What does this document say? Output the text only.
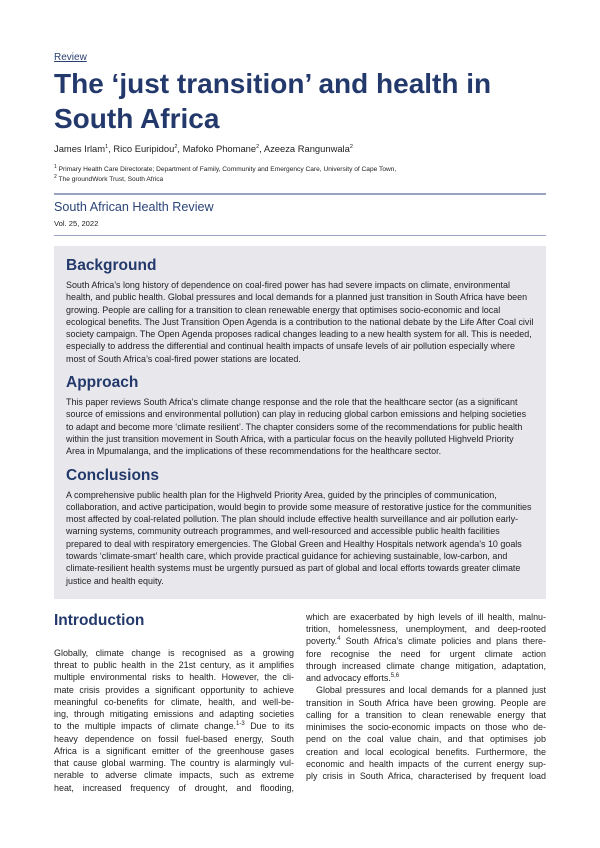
Review
The ‘just transition’ and health in South Africa
James Irlam$^1$, Rico Euripidou$^2$, Mafoko Phomane$^2$, Azeeza Rangunwala$^2$
$^1$ Primary Health Care Directorate; Department of Family, Community and Emergency Care, University of Cape Town,
$^2$ The groundWork Trust, South Africa
South African Health Review
Vol. 25, 2022
Background

South Africa’s long history of dependence on coal-fired power has had severe impacts on climate, environmental health, and public health. Global pressures and local demands for a planned just transition in South Africa have been growing. People are calling for a transition to clean renewable energy that optimises socio-economic and local ecological benefits. The Just Transition Open Agenda is a contribution to the national debate by the Life After Coal civil society campaign. The Open Agenda proposes radical changes leading to a new health system for all. This is needed, especially to address the differential and continual health impacts of unsafe levels of air pollution especially where most of South Africa’s coal-fired power stations are located.

Approach

This paper reviews South Africa’s climate change response and the role that the healthcare sector (as a significant source of emissions and environmental pollution) can play in reducing global carbon emissions and helping societies to adapt and become more ‘climate resilient’. The chapter considers some of the recommendations for public health within the just transition movement in South Africa, with a particular focus on the heavily polluted Highveld Priority Area in Mpumalanga, and the implications of these recommendations for the healthcare sector.

Conclusions

A comprehensive public health plan for the Highveld Priority Area, guided by the principles of communication, collaboration, and active participation, would begin to provide some measure of restorative justice for the communities most affected by coal-related pollution. The plan should include effective health surveillance and air pollution early-warning systems, community outreach programmes, and well-resourced and accessible public health facilities prepared to deal with respiratory emergencies. The Global Green and Healthy Hospitals network agenda’s 10 goals towards ‘climate-smart’ health care, which provide practical guidance for achieving sustainable, low-carbon, and climate-resilient health systems must be urgently pursued as part of global and local efforts towards greater climate justice and health equity.

Introduction
Globally, climate change is recognised as a growing
threat to public health in the 21st century, as it amplifies
multiple environmental risks to health. However, the cli-
mate crisis provides a significant opportunity to achieve
meaningful co-benefits for climate, health, and well-be-
ing, through mitigating emissions and adapting societies
to the multiple impacts of climate change.$^{1-3}$ Due to its
heavy dependence on fossil fuel-based energy, South
Africa is a significant emitter of the greenhouse gases
that cause global warming. The country is alarmingly vul-
nerable to adverse climate impacts, such as extreme
heat, increased frequency of drought, and flooding,
which are exacerbated by high levels of ill health, malnu-
trition, homelessness, unemployment, and deep-rooted
poverty.$^4$ South Africa’s climate policies and plans there-
fore recognise the need for urgent climate action
through increased climate change mitigation, adaptation,
and advocacy efforts.$^{5,6}$
Global pressures and local demands for a planned just
transition in South Africa have been growing. People are
calling for a transition to clean renewable energy that
minimises the socio-economic impacts on those who de-
pend on the coal value chain, and that optimises job
creation and local ecological benefits. Furthermore, the
economic and health impacts of the current energy sup-
ply crisis in South Africa, characterised by frequent load
